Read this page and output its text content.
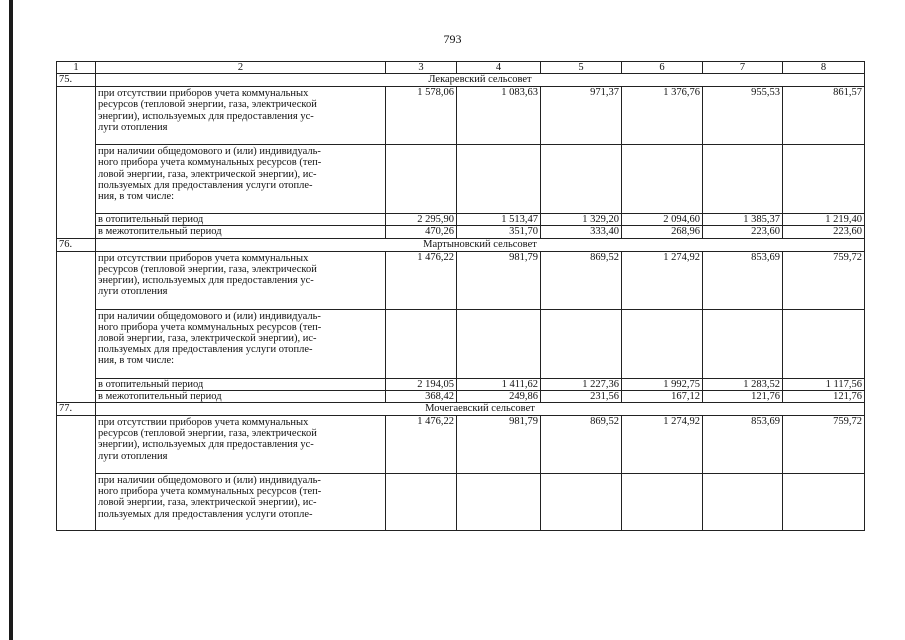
793
1	2	3	4	5	6	7	8
75.	Лекаревский сельсовет						

	при отсутствии приборов учета коммунальных
ресурсов (тепловой энергии, газа, электрической
энергии), используемых для предоставления ус-
луги отопления	1 578,06	1 083,63	971,37	1 376,76	955,53	861,57

	при наличии общедомового и (или) индивидуаль-
ного прибора учета коммунальных ресурсов (теп-
ловой энергии, газа, электрической энергии), ис-
пользуемых для предоставления услуги отопле-
ния, в том числе:						

	в отопительный период	2 295,90	1 513,47	1 329,20	2 094,60	1 385,37	1 219,40
	в межотопительный период	470,26	351,70	333,40	268,96	223,60	223,60
76.	Мартыновский сельсовет						

	при отсутствии приборов учета коммунальных
ресурсов (тепловой энергии, газа, электрической
энергии), используемых для предоставления ус-
луги отопления	1 476,22	981,79	869,52	1 274,92	853,69	759,72

	при наличии общедомового и (или) индивидуаль-
ного прибора учета коммунальных ресурсов (теп-
ловой энергии, газа, электрической энергии), ис-
пользуемых для предоставления услуги отопле-
ния, в том числе:						

	в отопительный период	2 194,05	1 411,62	1 227,36	1 992,75	1 283,52	1 117,56
	в межотопительный период	368,42	249,86	231,56	167,12	121,76	121,76
77.	Мочегаевский сельсовет						

	при отсутствии приборов учета коммунальных
ресурсов (тепловой энергии, газа, электрической
энергии), используемых для предоставления ус-
луги отопления	1 476,22	981,79	869,52	1 274,92	853,69	759,72

	при наличии общедомового и (или) индивидуаль-
ного прибора учета коммунальных ресурсов (теп-
ловой энергии, газа, электрической энергии), ис-
пользуемых для предоставления услуги отопле-						
